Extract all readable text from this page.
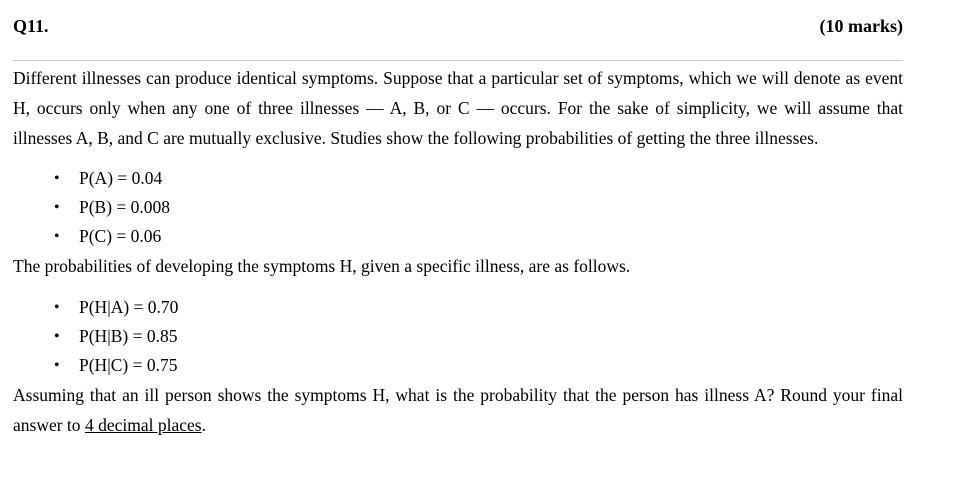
Q11.	(10 marks)

Different illnesses can produce identical symptoms. Suppose that a particular set of symptoms, which we will denote as event H, occurs only when any one of three illnesses — A, B, or C — occurs. For the sake of simplicity, we will assume that illnesses A, B, and C are mutually exclusive. Studies show the following probabilities of getting the three illnesses.

• P(A) = 0.04
• P(B) = 0.008
• P(C) = 0.06

The probabilities of developing the symptoms H, given a specific illness, are as follows.

• P(H|A) = 0.70
• P(H|B) = 0.85
• P(H|C) = 0.75

Assuming that an ill person shows the symptoms H, what is the probability that the person has illness A? Round your final answer to 4 decimal places.
